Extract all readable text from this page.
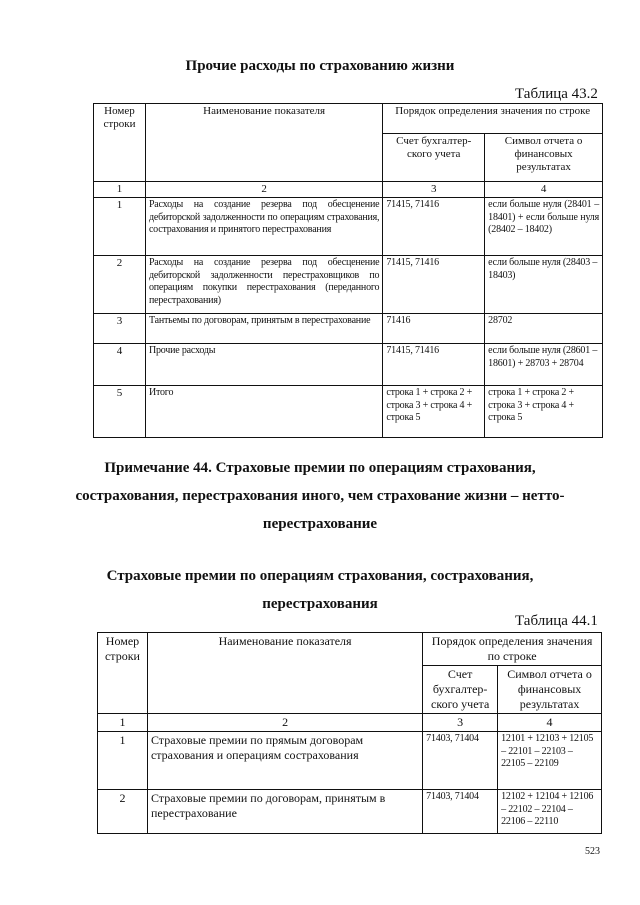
Прочие расходы по страхованию жизни
Таблица 43.2
Номер строки	Наименование показателя	Порядок определения значения по строке	
		Счет бухгалтер-ского учета	Символ отчета о финансовых результатах
1	2	3	4
1	Расходы на создание резерва под обесценение дебиторской задолженности по операциям страхования, сострахования и принятого перестрахования	71415, 71416	если больше нуля (28401 – 18401) + если больше нуля (28402 – 18402)
2	Расходы на создание резерва под обесценение дебиторской задолженности перестраховщиков по операциям покупки перестрахования (переданного перестрахования)	71415, 71416	если больше нуля (28403 – 18403)
3	Тантьемы по договорам, принятым в перестрахование	71416	28702
4	Прочие расходы	71415, 71416	если больше нуля (28601 – 18601) + 28703 + 28704
5	Итого	строка 1 + строка 2 + строка 3 + строка 4 + строка 5	строка 1 + строка 2 + строка 3 + строка 4 + строка 5
Примечание 44. Страховые премии по операциям страхования,
сострахования, перестрахования иного, чем страхование жизни – нетто-
перестрахование
Страховые премии по операциям страхования, сострахования,
перестрахования
Таблица 44.1
Номер строки	Наименование показателя	Порядок определения значения по строке	
		Счет бухгалтер-ского учета	Символ отчета о финансовых результатах
1	2	3	4
1	Страховые премии по прямым договорам страхования и операциям сострахования	71403, 71404	12101 + 12103 + 12105 – 22101 – 22103 – 22105 – 22109
2	Страховые премии по договорам, принятым в перестрахование	71403, 71404	12102 + 12104 + 12106 – 22102 – 22104 – 22106 – 22110
523
